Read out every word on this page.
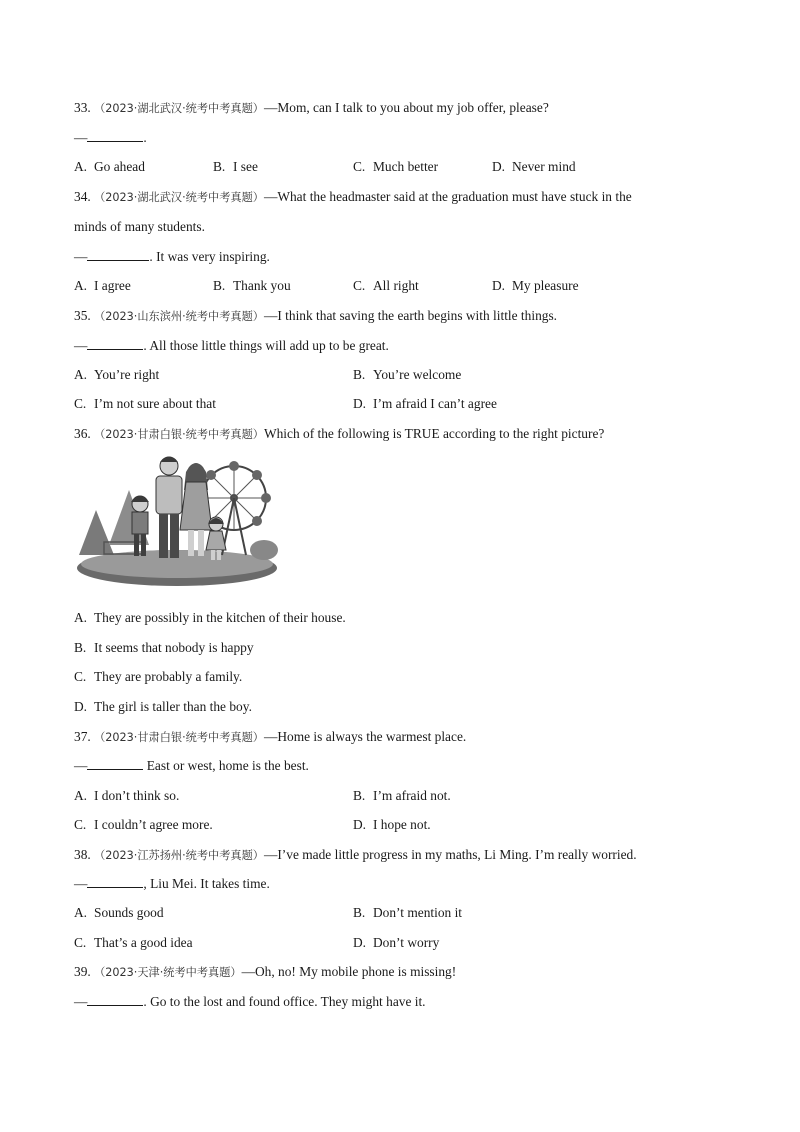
33. （2023·湖北武汉·统考中考真题）—Mom, can I talk to you about my job offer, please?
—	.
A. Go ahead	B. I see	C. Much better	D. Never mind
34. （2023·湖北武汉·统考中考真题）—What the headmaster said at the graduation must have stuck in the
minds of many students.
—	. It was very inspiring.
A. I agree	B. Thank you	C. All right	D. My pleasure
35. （2023·山东滨州·统考中考真题）—I think that saving the earth begins with little things.
—	. All those little things will add up to be great.
A. You’re right	B. You’re welcome
C. I’m not sure about that	D. I’m afraid I can’t agree
36. （2023·甘肃白银·统考中考真题）Which of the following is TRUE according to the right picture?
A. They are possibly in the kitchen of their house.
B. It seems that nobody is happy
C. They are probably a family.
D. The girl is taller than the boy.
37. （2023·甘肃白银·统考中考真题）—Home is always the warmest place.
—	East or west, home is the best.
A. I don’t think so.	B. I’m afraid not.
C. I couldn’t agree more.	D. I hope not.
38. （2023·江苏扬州·统考中考真题）—I’ve made little progress in my maths, Li Ming. I’m really worried.
—	, Liu Mei. It takes time.
A. Sounds good	B. Don’t mention it
C. That’s a good idea	D. Don’t worry
39. （2023·天津·统考中考真题）—Oh, no! My mobile phone is missing!
—	. Go to the lost and found office. They might have it.
